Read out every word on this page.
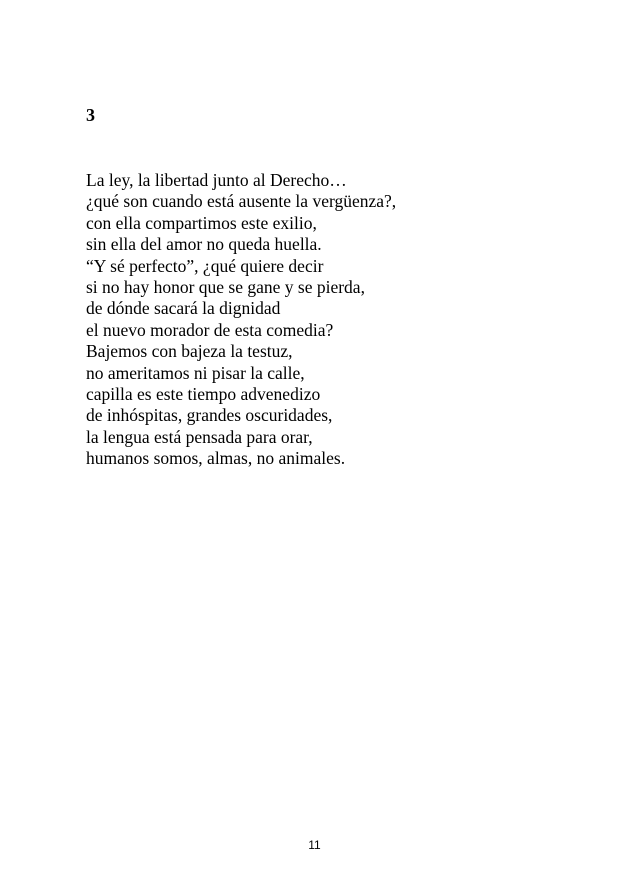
3
La ley, la libertad junto al Derecho…
¿qué son cuando está ausente la vergüenza?,
con ella compartimos este exilio,
sin ella del amor no queda huella.
“Y sé perfecto”, ¿qué quiere decir
si no hay honor que se gane y se pierda,
de dónde sacará la dignidad
el nuevo morador de esta comedia?
Bajemos con bajeza la testuz,
no ameritamos ni pisar la calle,
capilla es este tiempo advenedizo
de inhóspitas, grandes oscuridades,
la lengua está pensada para orar,
humanos somos, almas, no animales.
11
